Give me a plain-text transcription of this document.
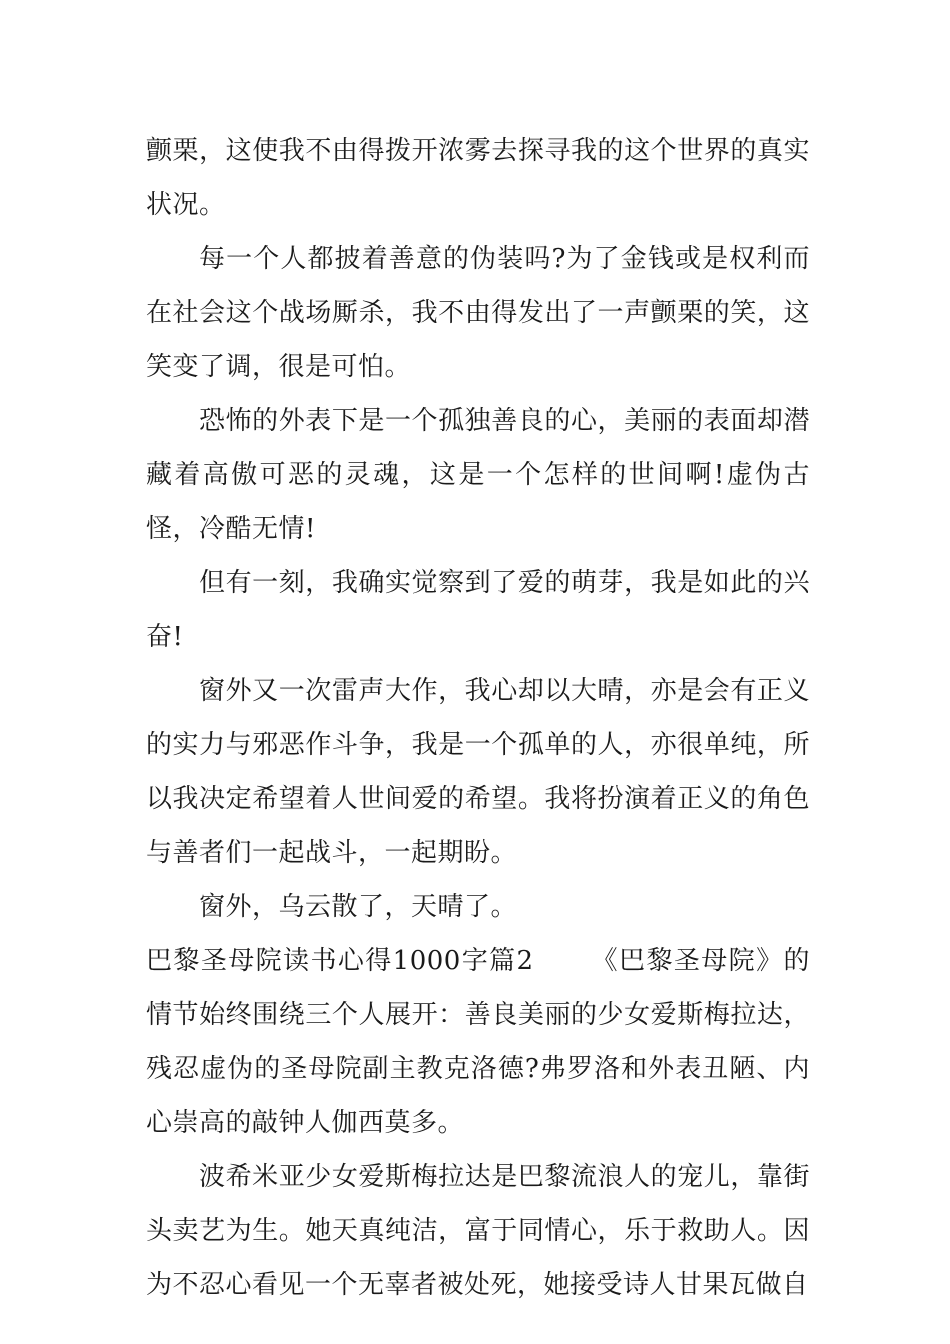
颤栗，这使我不由得拨开浓雾去探寻我的这个世界的真实状况。

每一个人都披着善意的伪装吗?为了金钱或是权利而在社会这个战场厮杀，我不由得发出了一声颤栗的笑，这笑变了调，很是可怕。

恐怖的外表下是一个孤独善良的心，美丽的表面却潜藏着高傲可恶的灵魂，这是一个怎样的世间啊!虚伪古怪，冷酷无情!

但有一刻，我确实觉察到了爱的萌芽，我是如此的兴奋!

窗外又一次雷声大作，我心却以大晴，亦是会有正义的实力与邪恶作斗争，我是一个孤单的人，亦很单纯，所以我决定希望着人世间爱的希望。我将扮演着正义的角色与善者们一起战斗，一起期盼。

窗外，乌云散了，天晴了。

巴黎圣母院读书心得1000字篇2 《巴黎圣母院》的情节始终围绕三个人展开：善良美丽的少女爱斯梅拉达，残忍虚伪的圣母院副主教克洛德?弗罗洛和外表丑陋、内心崇高的敲钟人伽西莫多。

波希米亚少女爱斯梅拉达是巴黎流浪人的宠儿，靠街头卖艺为生。她天真纯洁，富于同情心，乐于救助人。因为不忍心看见一个无辜者被处死，她接受诗人甘果瓦做自
